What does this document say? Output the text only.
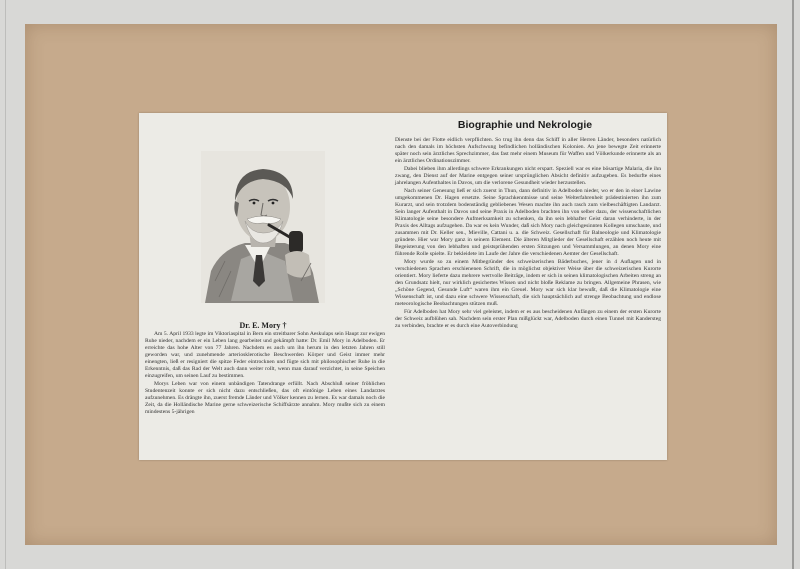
Biographie und Nekrologie
Dr. E. Mory †

Am 5. April 1933 legte im Viktoriaspital in Bern ein streitbarer Sohn Aeskulaps sein Haupt zur ewigen Ruhe nieder, nachdem er ein Leben lang gearbeitet und gekämpft hatte: Dr. Emil Mory in Adelboden. Er erreichte das hohe Alter von 77 Jahren. Nachdem es auch um ihn herum in den letzten Jahren still geworden war, und zunehmende arteriosklerotische Beschwerden Körper und Geist immer mehr einengten, ließ er resigniert die spitze Feder eintrocknen und fügte sich mit philosophischer Ruhe in die Erkenntnis, daß das Rad der Welt auch dann weiter rollt, wenn man darauf verzichtet, in seine Speichen einzugreifen, um seinen Lauf zu bestimmen.

Morys Leben war von einem unbändigen Tatendrange erfüllt. Nach Abschluß seiner fröhlichen Studentenzeit konnte er sich nicht dazu entschließen, das oft eintönige Leben eines Landarztes aufzunehmen. Es drängte ihn, zuerst fremde Länder und Völker kennen zu lernen. Es war damals noch die Zeit, da die Holländische Marine gerne schweizerische Schiffsärzte annahm. Mory mußte sich zu einem mindestens 5-jährigen

Dienste bei der Flotte eidlich verpflichten. So trug ihn denn das Schiff in aller Herren Länder, besonders natürlich nach den damals im höchsten Aufschwung befindlichen holländischen Kolonien. An jene bewegte Zeit erinnerte später noch sein ärztliches Sprechzimmer, das fast mehr einem Museum für Waffen und Völkerkunde erinnerte als an ein ärztliches Ordinationszimmer.

Dabei blieben ihm allerdings schwere Erkrankungen nicht erspart. Speziell war es eine bösartige Malaria, die ihn zwang, den Dienst auf der Marine entgegen seiner ursprünglichen Absicht definitiv aufzugeben. Es bedurfte eines jahrelangen Aufenthaltes in Davos, um die verlorene Gesundheit wieder herzustellen.

Nach seiner Genesung ließ er sich zuerst in Thun, dann definitiv in Adelboden nieder, wo er den in einer Lawine umgekommenen Dr. Hagen ersetzte. Seine Sprachkenntnisse und seine Welterfahrenheit prädestinierten ihn zum Kurarzt, und sein trotzdem bodenständig gebliebenes Wesen machte ihn auch rasch zum vielbeschäftigten Landarzt. Sein langer Aufenthalt in Davos und seine Praxis in Adelboden brachten ihn von selber dazu, der wissenschaftlichen Klimatologie seine besondere Aufmerksamkeit zu schenken, da ihn sein lebhafter Geist daran verhinderte, in der Praxis des Alltags aufzugehen. Da war es kein Wunder, daß sich Mory nach gleichgesinnten Kollegen umschaute, und zusammen mit Dr. Keller sen., Mieville, Cattani u. a. die Schweiz. Gesellschaft für Balneologie und Klimatologie gründete. Hier war Mory ganz in seinem Element. Die älteren Mitglieder der Gesellschaft erzählen noch heute mit Begeisterung von den lebhaften und geistsprühenden ersten Sitzungen und Versammlungen, an denen Mory eine führende Rolle spielte. Er bekleidete im Laufe der Jahre die verschiedenen Aemter der Gesellschaft.

Mory wurde so zu einem Mitbegründer des schweizerischen Bäderbuches, jener in 4 Auflagen und in verschiedenen Sprachen erschienenen Schrift, die in möglichst objektiver Weise über die schweizerischen Kurorte orientiert. Mory lieferte dazu mehrere wertvolle Beiträge, indem er sich in seinen klimatologischen Arbeiten streng an den Grundsatz hielt, nur wirklich gesichertes Wissen und nicht bloße Reklame zu bringen. Allgemeine Phrasen, wie „Schöne Gegend, Gesunde Luft“ waren ihm ein Greuel. Mory war sich klar bewußt, daß die Klimatologie eine Wissenschaft ist, und dazu eine schwere Wissenschaft, die sich hauptsächlich auf strenge Beobachtung und endlose meteorologische Beobachtungen stützen muß.

Für Adelboden hat Mory sehr viel geleistet, indem er es aus bescheidenen Anfängen zu einem der ersten Kurorte der Schweiz aufblühen sah. Nachdem sein erster Plan mißglückt war, Adelboden durch einen Tunnel mit Kandersteg zu verbinden, brachte er es durch eine Autoverbindung
